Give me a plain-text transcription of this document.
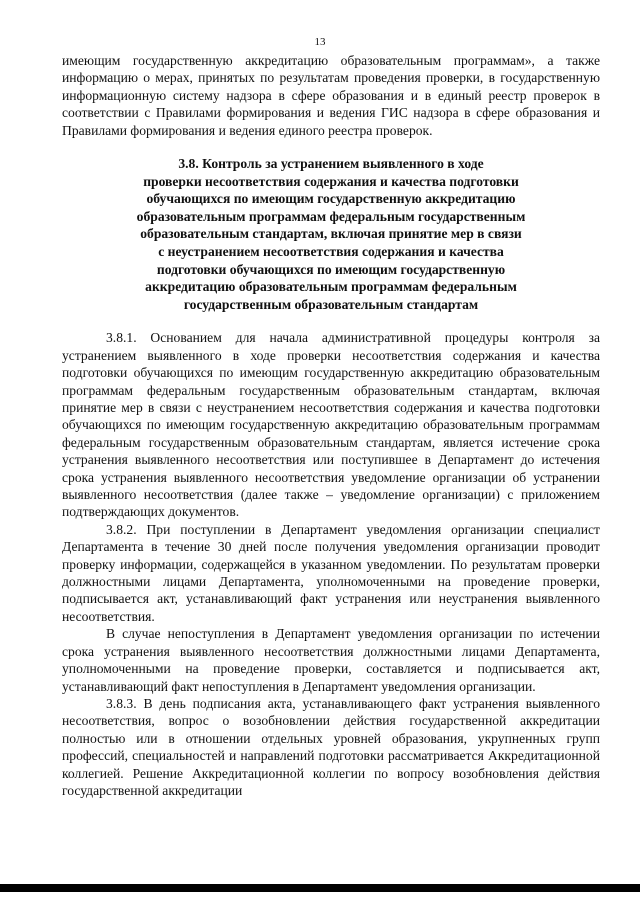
13

имеющим государственную аккредитацию образовательным программам», а также информацию о мерах, принятых по результатам проведения проверки, в государственную информационную систему надзора в сфере образования и в единый реестр проверок в соответствии с Правилами формирования и ведения ГИС надзора в сфере образования и Правилами формирования и ведения единого реестра проверок.

3.8. Контроль за устранением выявленного в ходе
проверки несоответствия содержания и качества подготовки
обучающихся по имеющим государственную аккредитацию
образовательным программам федеральным государственным
образовательным стандартам, включая принятие мер в связи
с неустранением несоответствия содержания и качества
подготовки обучающихся по имеющим государственную
аккредитацию образовательным программам федеральным
государственным образовательным стандартам

3.8.1. Основанием для начала административной процедуры контроля за устранением выявленного в ходе проверки несоответствия содержания и качества подготовки обучающихся по имеющим государственную аккредитацию образовательным программам федеральным государственным образовательным стандартам, включая принятие мер в связи с неустранением несоответствия содержания и качества подготовки обучающихся по имеющим государственную аккредитацию образовательным программам федеральным государственным образовательным стандартам, является истечение срока устранения выявленного несоответствия или поступившее в Департамент до истечения срока устранения выявленного несоответствия уведомление организации об устранении выявленного несоответствия (далее также – уведомление организации) с приложением подтверждающих документов.

3.8.2. При поступлении в Департамент уведомления организации специалист Департамента в течение 30 дней после получения уведомления организации проводит проверку информации, содержащейся в указанном уведомлении. По результатам проверки должностными лицами Департамента, уполномоченными на проведение проверки, подписывается акт, устанавливающий факт устранения или неустранения выявленного несоответствия.

В случае непоступления в Департамент уведомления организации по истечении срока устранения выявленного несоответствия должностными лицами Департамента, уполномоченными на проведение проверки, составляется и подписывается акт, устанавливающий факт непоступления в Департамент уведомления организации.

3.8.3. В день подписания акта, устанавливающего факт устранения выявленного несоответствия, вопрос о возобновлении действия государственной аккредитации полностью или в отношении отдельных уровней образования, укрупненных групп профессий, специальностей и направлений подготовки рассматривается Аккредитационной коллегией. Решение Аккредитационной коллегии по вопросу возобновления действия государственной аккредитации
